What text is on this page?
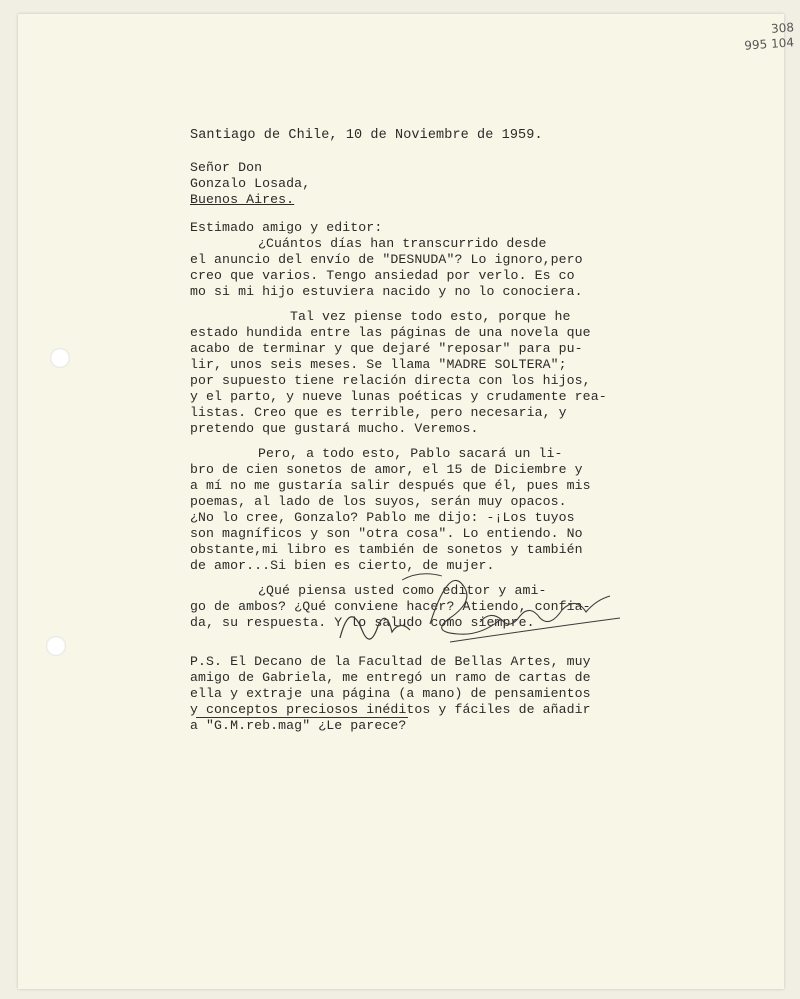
308
995 104
Santiago de Chile, 10 de Noviembre de 1959.
Señor Don
Gonzalo Losada,
Buenos Aires.
Estimado amigo y editor:
¿Cuántos días han transcurrido desde
el anuncio del envío de "DESNUDA"? Lo ignoro,pero
creo que varios. Tengo ansiedad por verlo. Es co
mo si mi hijo estuviera nacido y no lo conociera.
Tal vez piense todo esto, porque he
estado hundida entre las páginas de una novela que
acabo de terminar y que dejaré "reposar" para pu-
lir, unos seis meses. Se llama "MADRE SOLTERA";
por supuesto tiene relación directa con los hijos,
y el parto, y nueve lunas poéticas y crudamente rea-
listas. Creo que es terrible, pero necesaria, y
pretendo que gustará mucho. Veremos.
Pero, a todo esto, Pablo sacará un li-
bro de cien sonetos de amor, el 15 de Diciembre y
a mí no me gustaría salir después que él, pues mis
poemas, al lado de los suyos, serán muy opacos.
¿No lo cree, Gonzalo? Pablo me dijo: -¡Los tuyos
son magníficos y son "otra cosa". Lo entiendo. No
obstante,mi libro es también de sonetos y también
de amor...Si bien es cierto, de mujer.
¿Qué piensa usted como editor y ami-
go de ambos? ¿Qué conviene hacer? Atiendo, confia-
da, su respuesta. Y lo saludo como siempre.
P.S. El Decano de la Facultad de Bellas Artes, muy
amigo de Gabriela, me entregó un ramo de cartas de
ella y extraje una página (a mano) de pensamientos
y conceptos preciosos inéditos y fáciles de añadir
a "G.M.reb.mag" ¿Le parece?
